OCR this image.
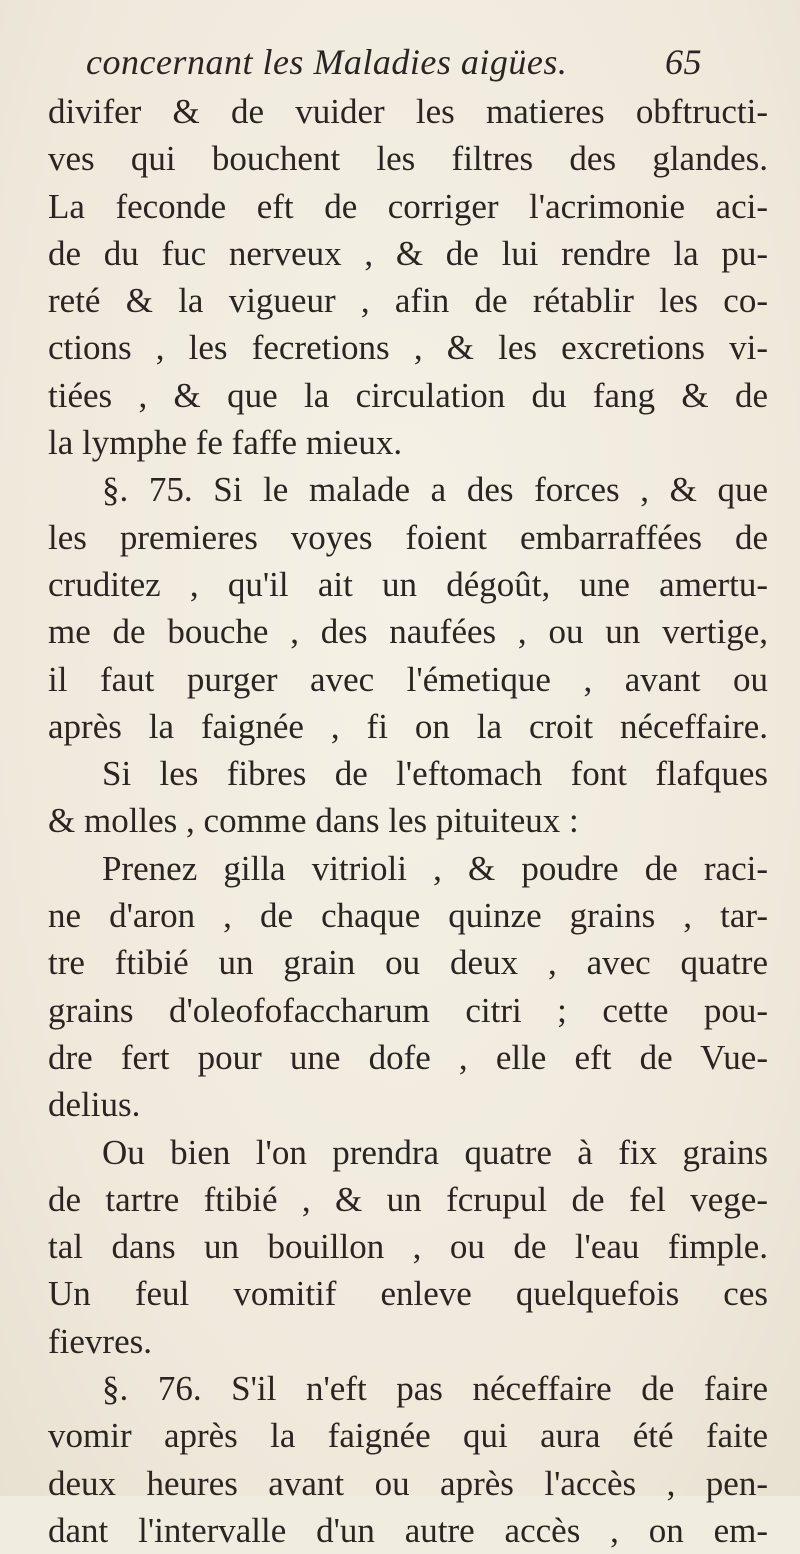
concernant les Maladies aigües.	65
divifer & de vuider les matieres obftructi-
ves qui bouchent les filtres des glandes.
La feconde eft de corriger l'acrimonie aci-
de du fuc nerveux , & de lui rendre la pu-
reté & la vigueur , afin de rétablir les co-
ctions , les fecretions , & les excretions vi-
tiées , & que la circulation du fang & de
la lymphe fe faffe mieux.
§. 75. Si le malade a des forces , & que
les premieres voyes foient embarraffées de
cruditez , qu'il ait un dégoût, une amertu-
me de bouche , des naufées , ou un vertige,
il faut purger avec l'émetique , avant ou
après la faignée , fi on la croit néceffaire.
Si les fibres de l'eftomach font flafques
& molles , comme dans les pituiteux :
Prenez gilla vitrioli , & poudre de raci-
ne d'aron , de chaque quinze grains , tar-
tre ftibié un grain ou deux , avec quatre
grains d'oleofofaccharum citri ; cette pou-
dre fert pour une dofe , elle eft de Vue-
delius.
Ou bien l'on prendra quatre à fix grains
de tartre ftibié , & un fcrupul de fel vege-
tal dans un bouillon , ou de l'eau fimple.
Un feul vomitif enleve quelquefois ces
fievres.
§. 76. S'il n'eft pas néceffaire de faire
vomir après la faignée qui aura été faite
deux heures avant ou après l'accès , pen-
dant l'intervalle d'un autre accès , on em-
